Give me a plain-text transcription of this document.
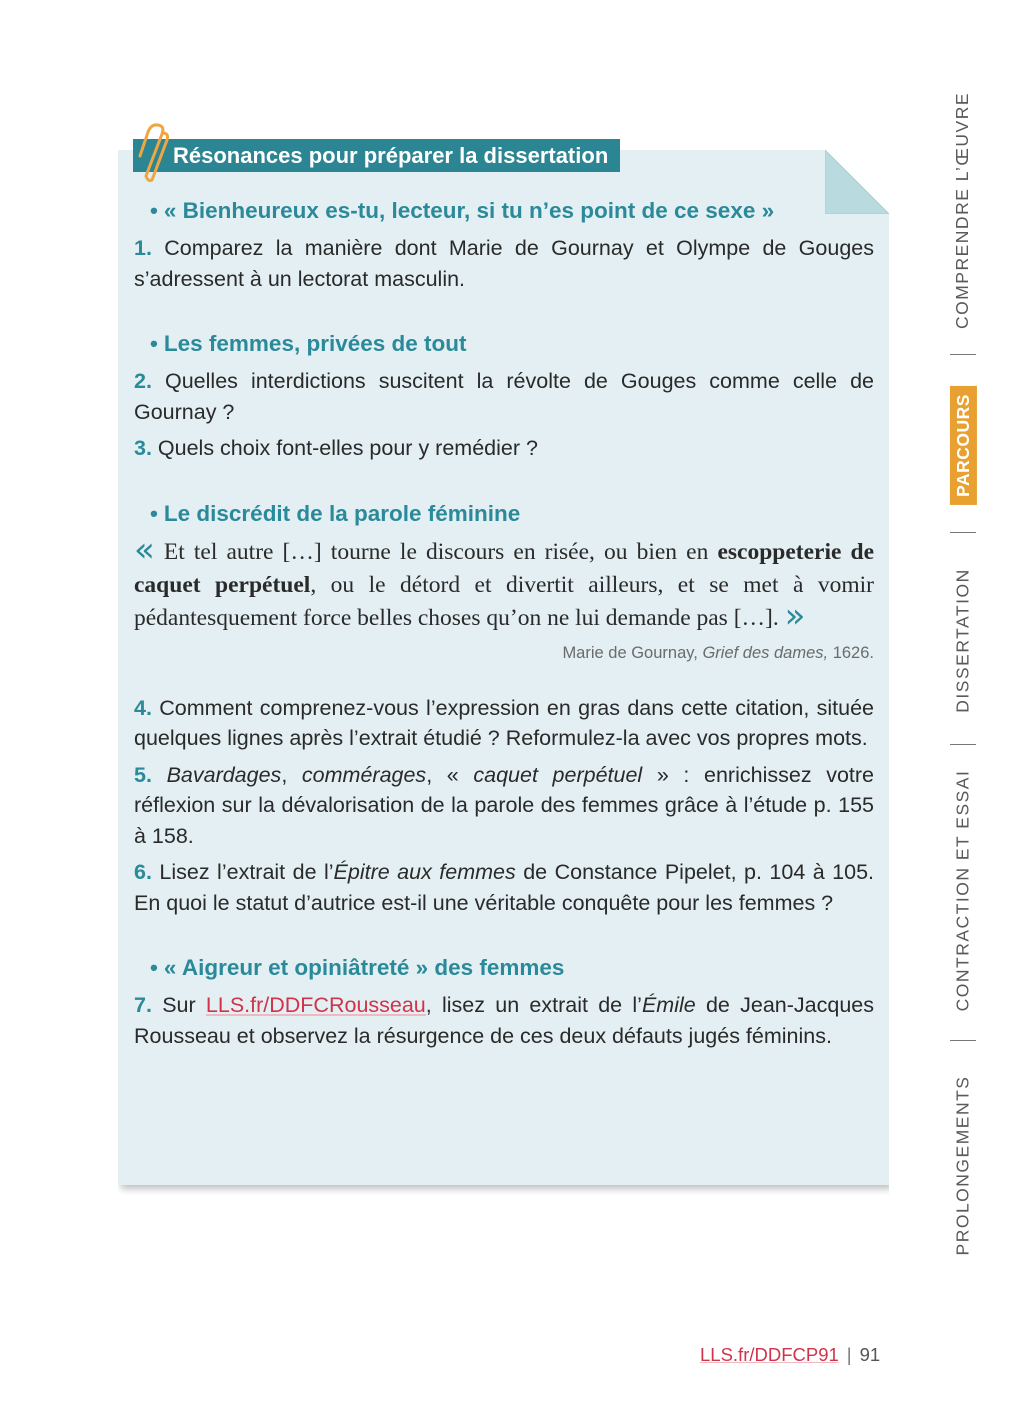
Résonances pour préparer la dissertation
• « Bienheureux es-tu, lecteur, si tu n’es point de ce sexe »
1. Comparez la manière dont Marie de Gournay et Olympe de Gouges s’adressent à un lectorat masculin.
• Les femmes, privées de tout
2. Quelles interdictions suscitent la révolte de Gouges comme celle de Gournay ?
3. Quels choix font-elles pour y remédier ?
• Le discrédit de la parole féminine
« Et tel autre […] tourne le discours en risée, ou bien en escoppeterie de caquet perpétuel, ou le détord et divertit ailleurs, et se met à vomir pédantesquement force belles choses qu’on ne lui demande pas […]. »
Marie de Gournay, Grief des dames, 1626.
4. Comment comprenez-vous l’expression en gras dans cette citation, située quelques lignes après l’extrait étudié ? Reformulez-la avec vos propres mots.
5. Bavardages, commérages, « caquet perpétuel » : enrichissez votre réflexion sur la dévalorisation de la parole des femmes grâce à l’étude p. 155 à 158.
6. Lisez l’extrait de l’Épitre aux femmes de Constance Pipelet, p. 104 à 105. En quoi le statut d’autrice est-il une véritable conquête pour les femmes ?
• « Aigreur et opiniâtreté » des femmes
7. Sur LLS.fr/DDFCRousseau, lisez un extrait de l’Émile de Jean-Jacques Rousseau et observez la résurgence de ces deux défauts jugés féminins.
COMPRENDRE L’ŒUVRE
PARCOURS
DISSERTATION
CONTRACTION ET ESSAI
PROLONGEMENTS
LLS.fr/DDFCP91 | 91
